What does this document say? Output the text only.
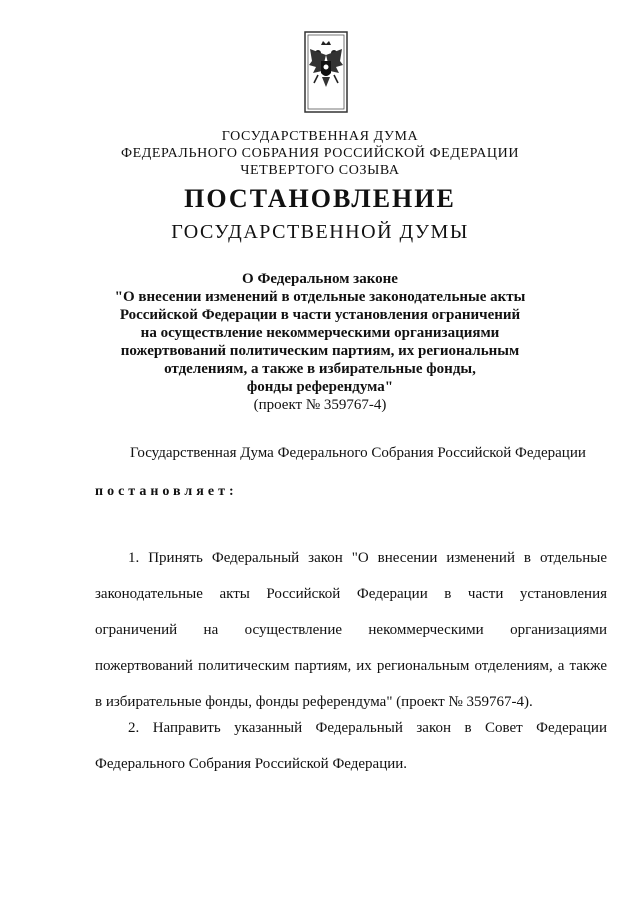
ГОСУДАРСТВЕННАЯ ДУМА
ФЕДЕРАЛЬНОГО СОБРАНИЯ РОССИЙСКОЙ ФЕДЕРАЦИИ
ЧЕТВЕРТОГО СОЗЫВА
ПОСТАНОВЛЕНИЕ
ГОСУДАРСТВЕННОЙ ДУМЫ
О Федеральном законе
"О внесении изменений в отдельные законодательные акты
Российской Федерации в части установления ограничений
на осуществление некоммерческими организациями
пожертвований политическим партиям, их региональным
отделениям, а также в избирательные фонды,
фонды референдума"
(проект № 359767-4)
Государственная Дума Федерального Собрания Российской Федерации
постановляет:
1. Принять Федеральный закон "О внесении изменений в отдельные законодательные акты Российской Федерации в части установления ограничений на осуществление некоммерческими организациями пожертвований политическим партиям, их региональным отделениям, а также в избирательные фонды, фонды референдума" (проект № 359767-4).
2. Направить указанный Федеральный закон в Совет Федерации Федерального Собрания Российской Федерации.
